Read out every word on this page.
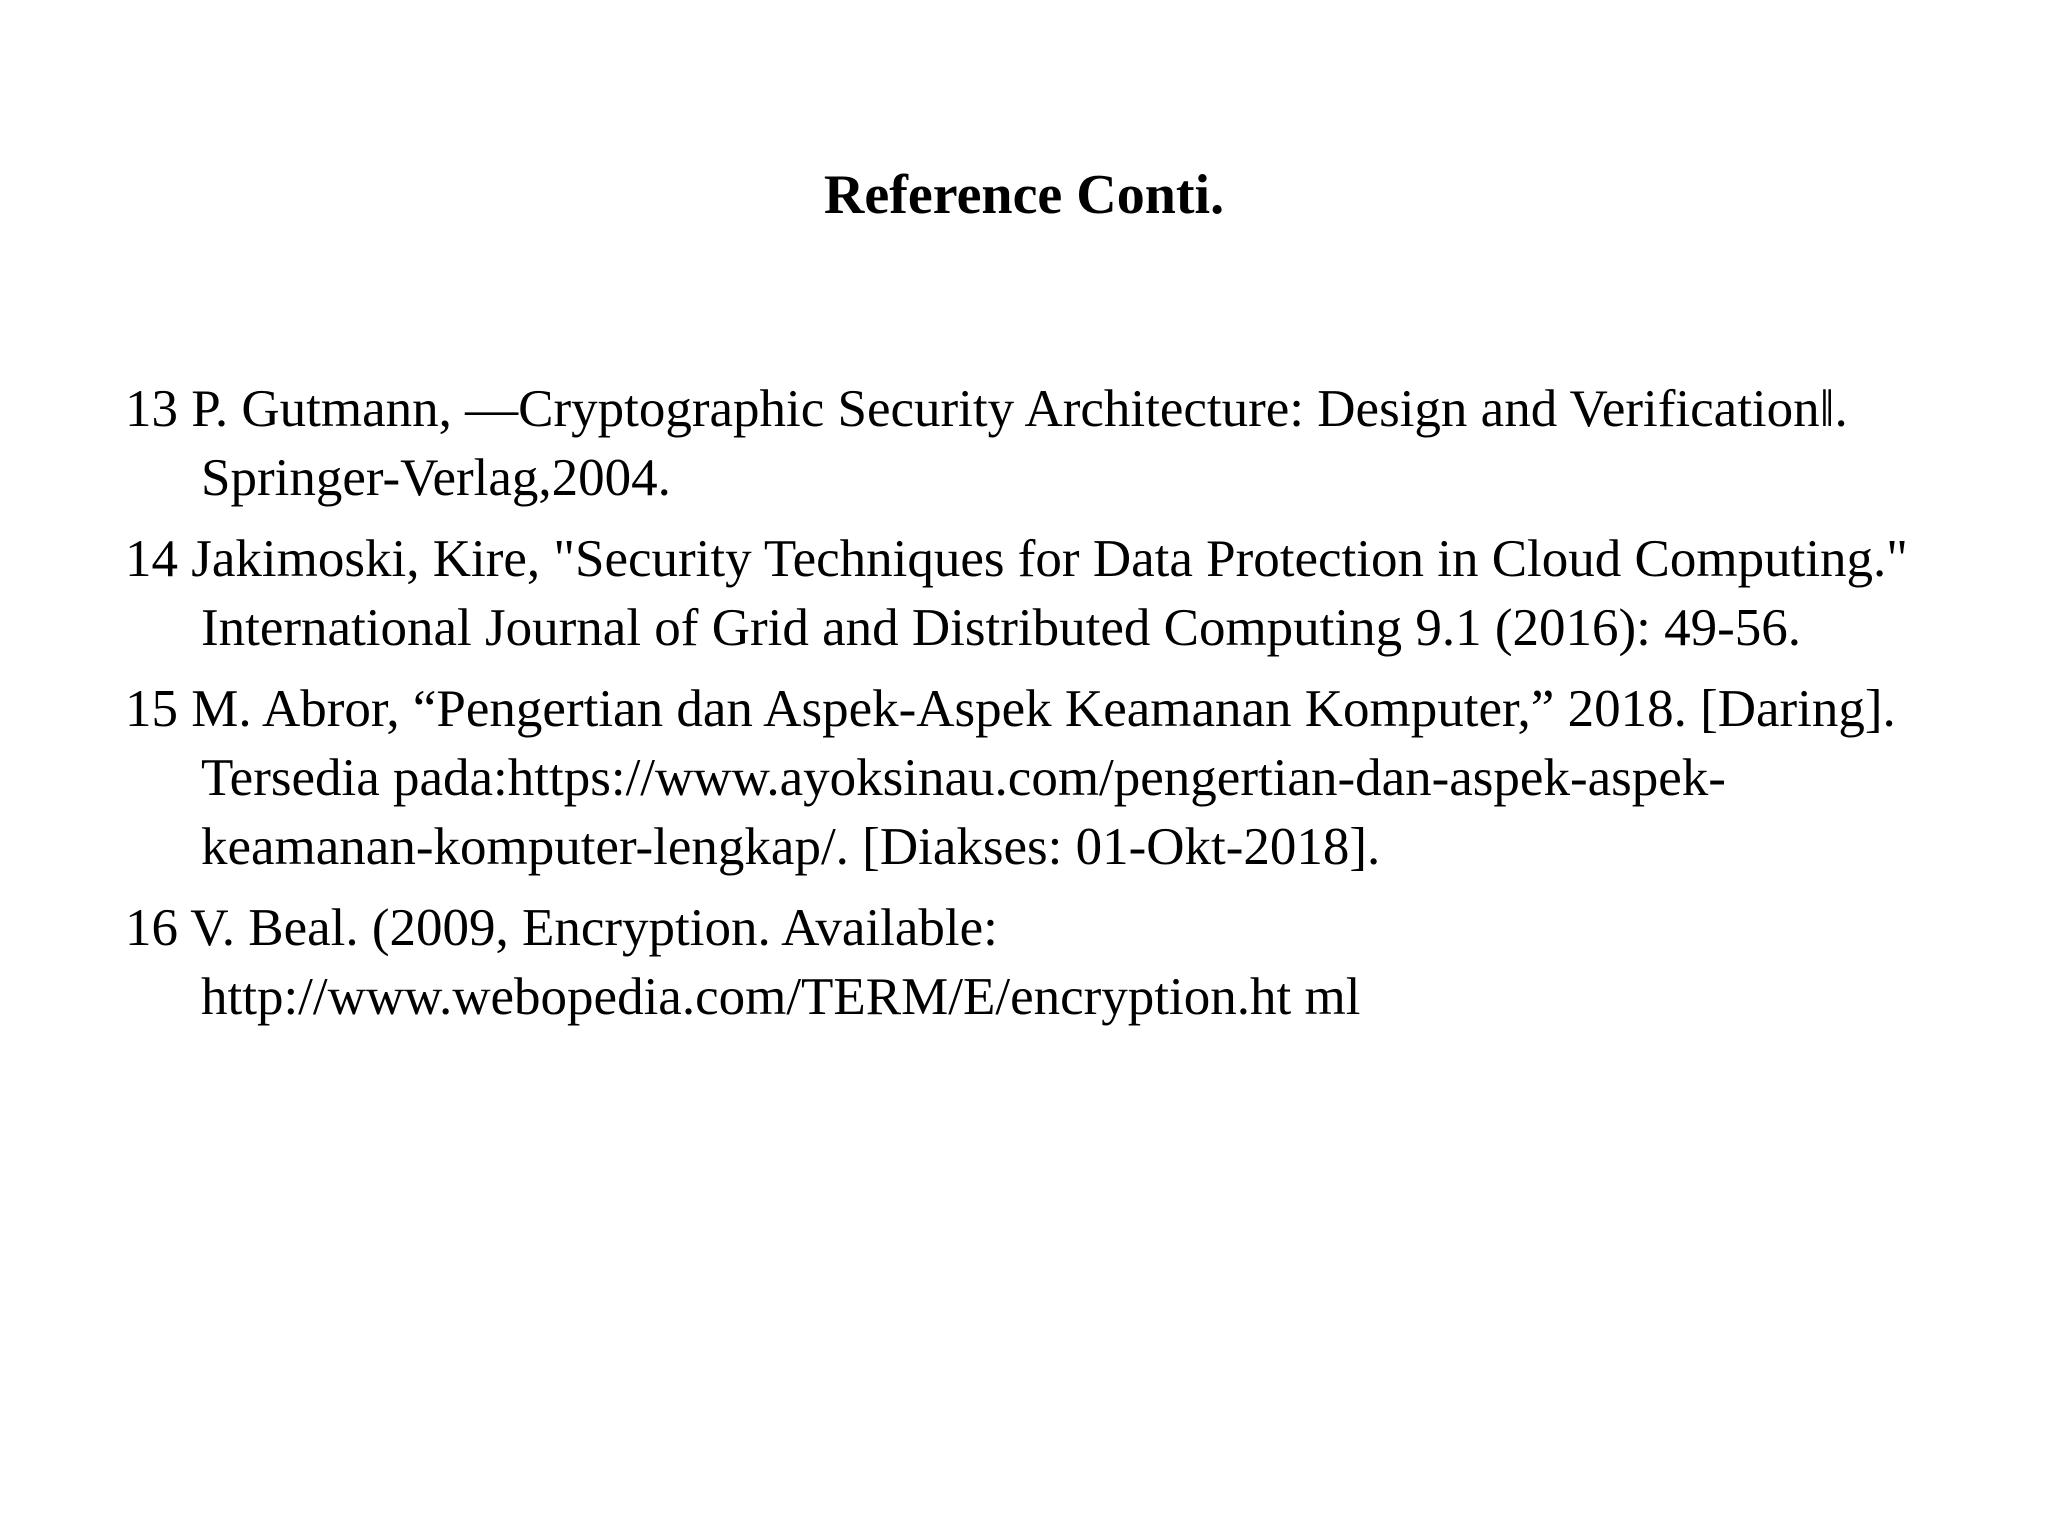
Reference Conti.
13 P. Gutmann, ―Cryptographic Security Architecture: Design and Verification‖. Springer-Verlag,2004.
14 Jakimoski, Kire, "Security Techniques for Data Protection in Cloud Computing." International Journal of Grid and Distributed Computing 9.1 (2016): 49-56.
15 M. Abror, “Pengertian dan Aspek-Aspek Keamanan Komputer,” 2018. [Daring]. Tersedia pada:https://www.ayoksinau.com/pengertian-dan-aspek-aspek-keamanan-komputer-lengkap/. [Diakses: 01-Okt-2018].
16 V. Beal. (2009, Encryption. Available: http://www.webopedia.com/TERM/E/encryption.ht ml
